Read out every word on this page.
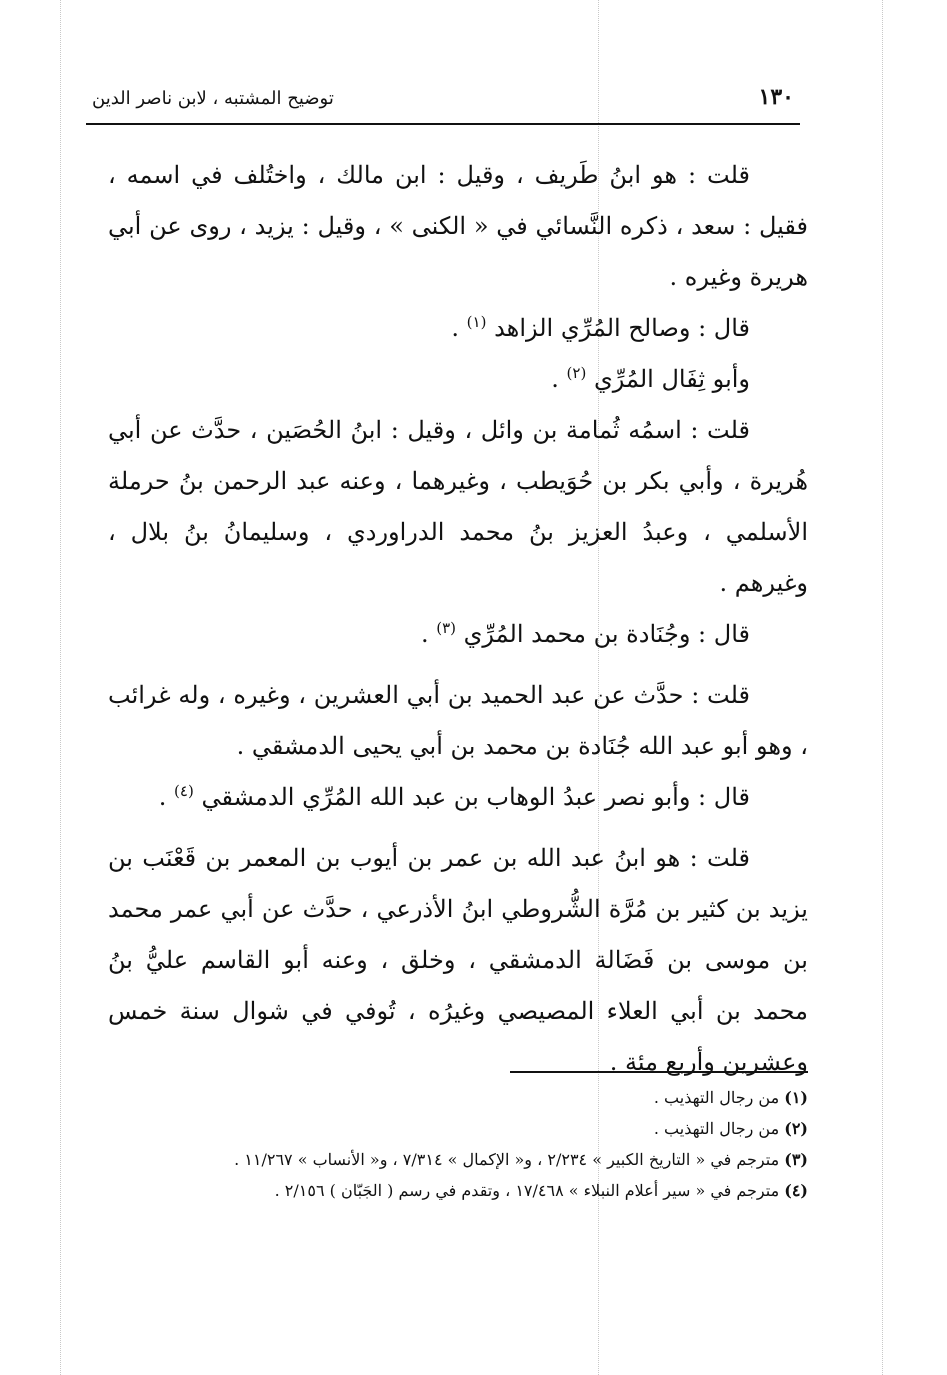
١٣٠
توضيح المشتبه ، لابن ناصر الدين

قلت : هو ابنُ طَريف ، وقيل : ابن مالك ، واختُلف في اسمه ، فقيل : سعد ، ذكره النَّسائي في « الكنى » ، وقيل : يزيد ، روى عن أبي هريرة وغيره .

قال : وصالح المُرِّي الزاهد $^{(١)}$ .

وأبو ثِفَال المُرِّي $^{(٢)}$ .

قلت : اسمُه ثُمامة بن وائل ، وقيل : ابنُ الحُصَين ، حدَّث عن أبي هُريرة ، وأبي بكر بن حُوَيطب ، وغيرهما ، وعنه عبد الرحمن بنُ حرملة الأسلمي ، وعبدُ العزيز بنُ محمد الدراوردي ، وسليمانُ بنُ بلال ، وغيرهم .

قال : وجُنَادة بن محمد المُرِّي $^{(٣)}$ .

قلت : حدَّث عن عبد الحميد بن أبي العشرين ، وغيره ، وله غرائب ، وهو أبو عبد الله جُنَادة بن محمد بن أبي يحيى الدمشقي .

قال : وأبو نصر عبدُ الوهاب بن عبد الله المُرِّي الدمشقي $^{(٤)}$ .

قلت : هو ابنُ عبد الله بن عمر بن أيوب بن المعمر بن قَعْنَب بن يزيد بن كثير بن مُرَّة الشُّروطي ابنُ الأذرعي ، حدَّث عن أبي عمر محمد بن موسى بن فَضَالة الدمشقي ، وخلق ، وعنه أبو القاسم عليُّ بنُ محمد بن أبي العلاء المصيصي وغيرُه ، تُوفي في شوال سنة خمس وعشرين وأربع مئة .

(١) من رجال التهذيب .

(٢) من رجال التهذيب .

(٣) مترجم في « التاريخ الكبير » ٢/٢٣٤ ، و« الإكمال » ٧/٣١٤ ، و« الأنساب » ١١/٢٦٧ .

(٤) مترجم في « سير أعلام النبلاء » ١٧/٤٦٨ ، وتقدم في رسم ( الجَبّان ) ٢/١٥٦ .
